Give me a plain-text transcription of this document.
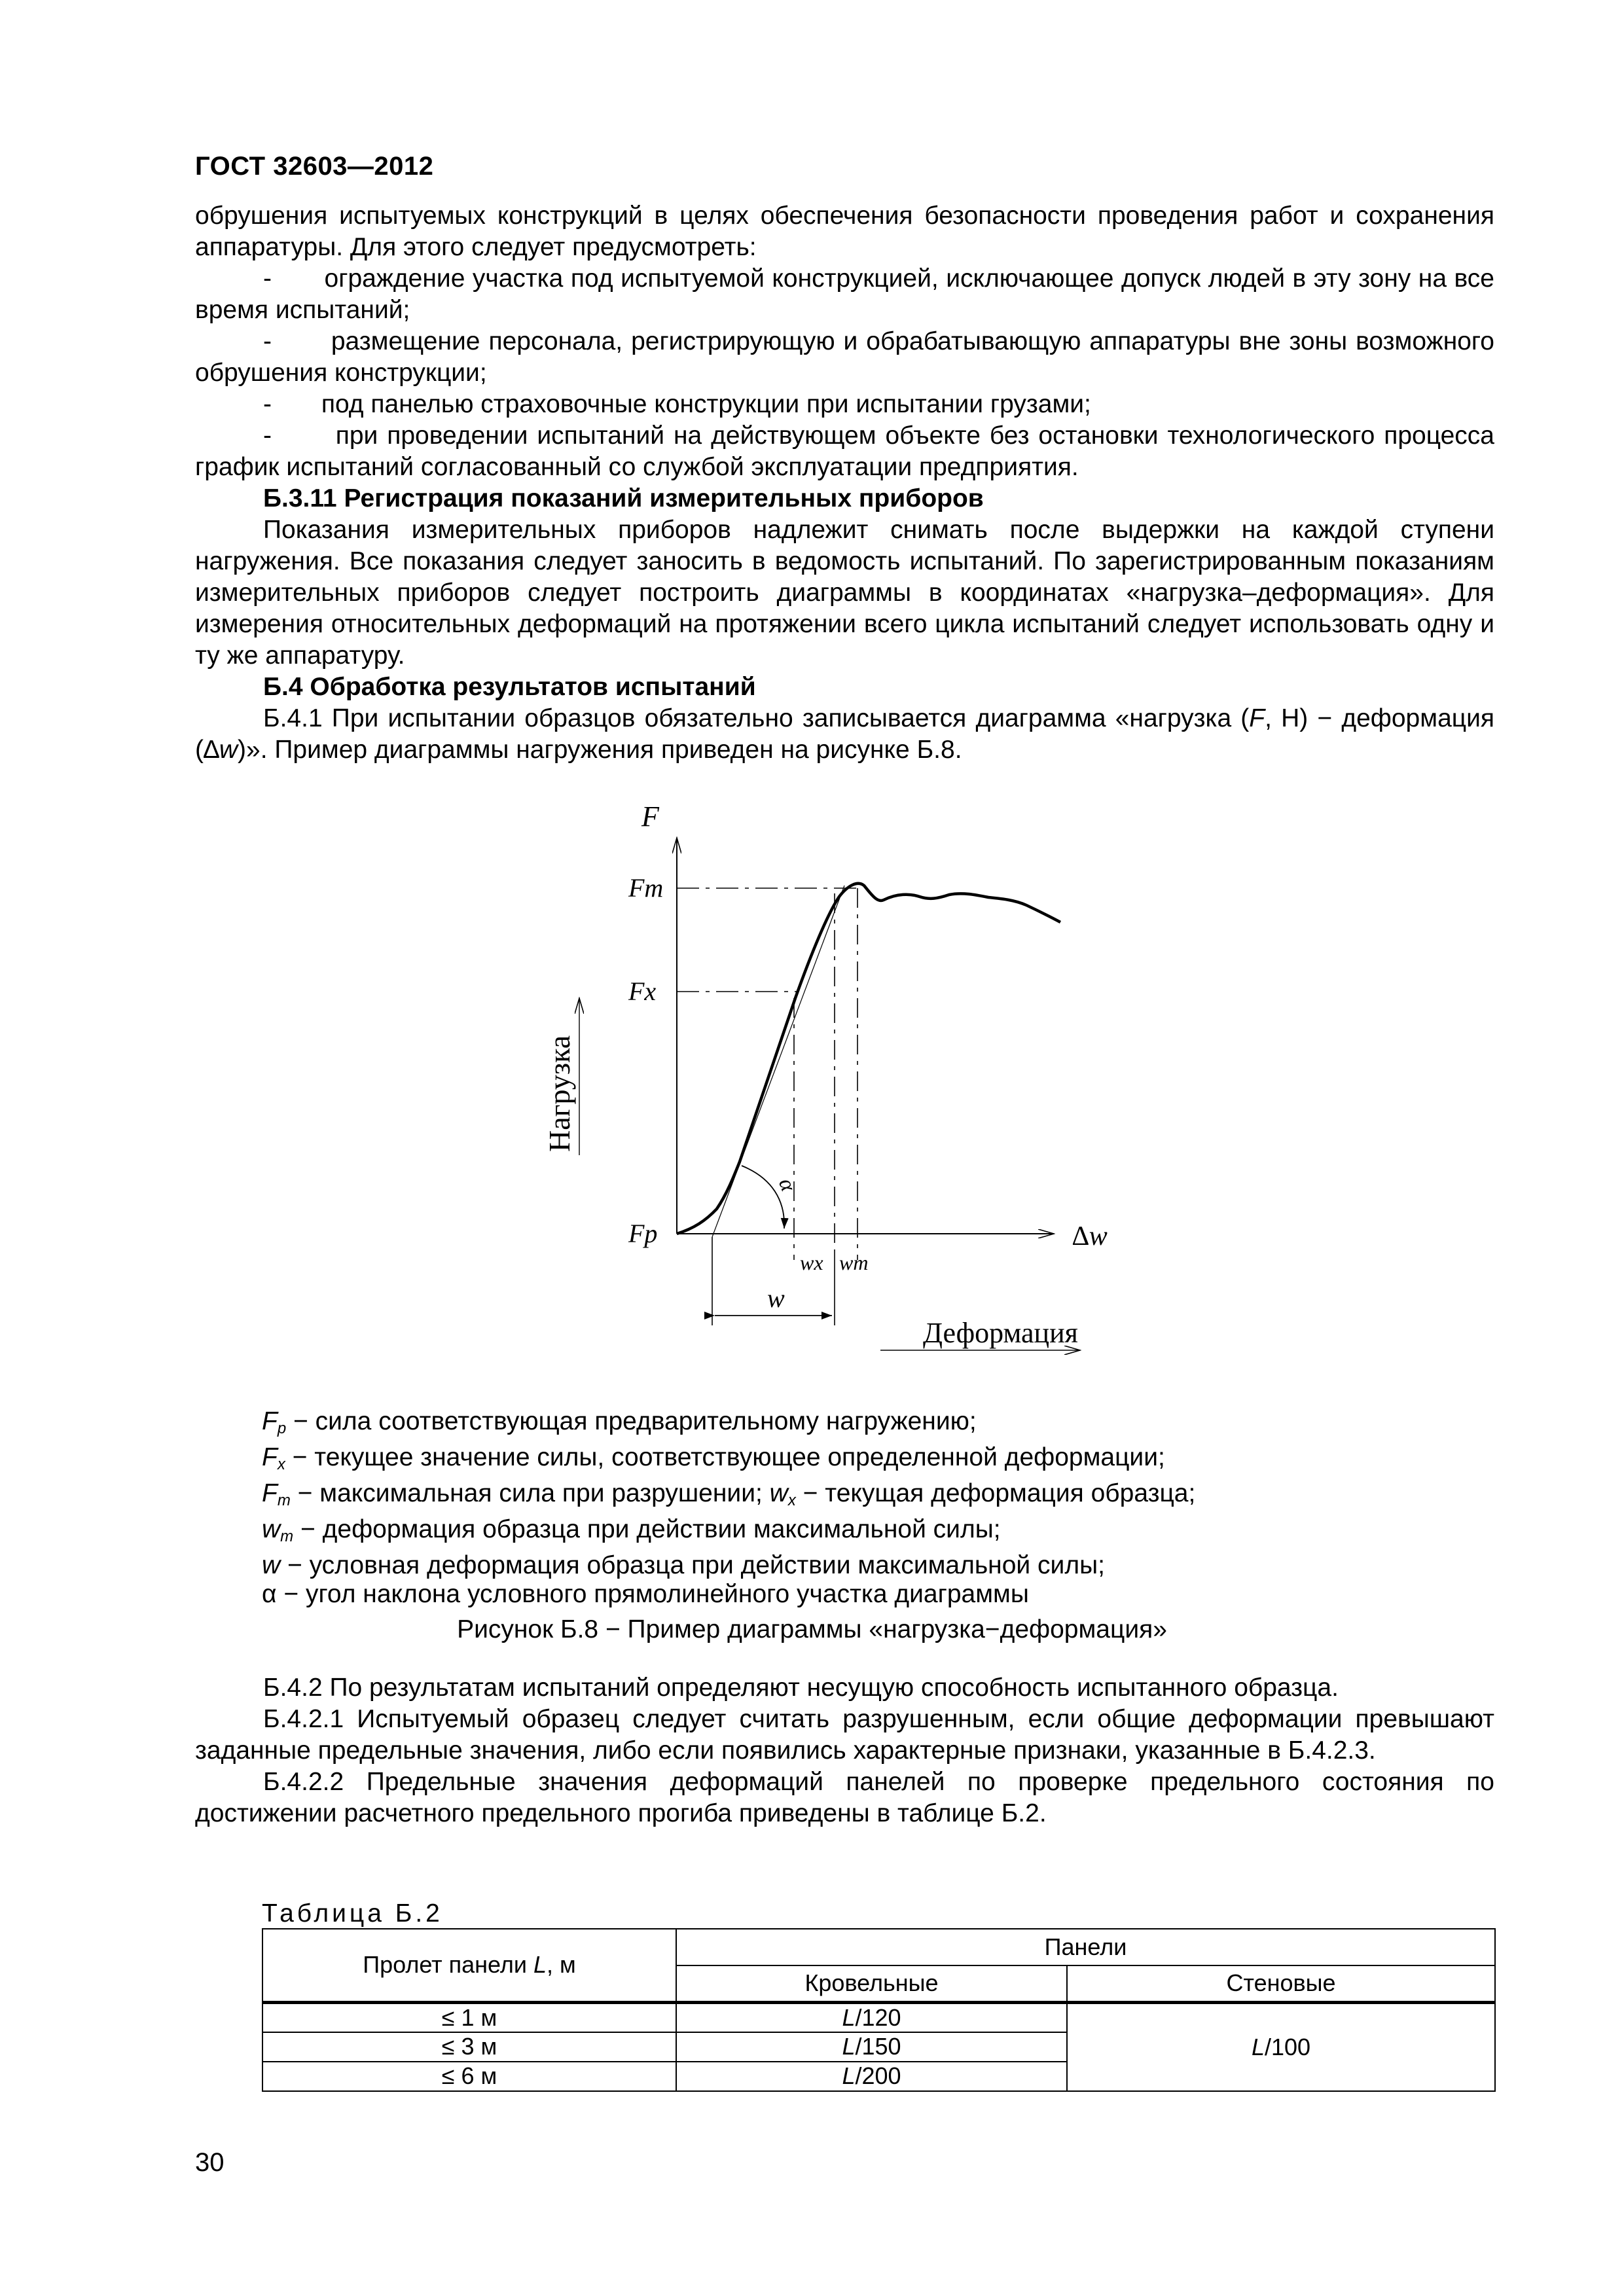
ГОСТ 32603—2012
обрушения испытуемых конструкций в целях обеспечения безопасности проведения работ и сохранения аппаратуры. Для этого следует предусмотреть:
- ограждение участка под испытуемой конструкцией, исключающее допуск людей в эту зону на все время испытаний;
- размещение персонала, регистрирующую и обрабатывающую аппаратуры вне зоны возможного обрушения конструкции;
- под панелью страховочные конструкции при испытании грузами;
-	при проведении испытаний на действующем объекте без остановки технологического процесса график испытаний согласованный со службой эксплуатации предприятия.
Б.3.11 Регистрация показаний измерительных приборов
Показания измерительных приборов надлежит снимать после выдержки на каждой ступени нагружения. Все показания следует заносить в ведомость испытаний. По зарегистрированным показаниям измерительных приборов следует построить диаграммы в координатах «нагрузка–деформация». Для измерения относительных деформаций на протяжении всего цикла испытаний следует использовать одну и ту же аппаратуру.
Б.4 Обработка результатов испытаний
Б.4.1 При испытании образцов обязательно записывается диаграмма «нагрузка (F, Н) − деформация (∆w)». Пример диаграммы нагружения приведен на рисунке Б.8.
F
Fm
Fx
Fp	∆w
wx wm
w
α
Нагрузка
Деформация
$F_p$ − сила соответствующая предварительному нагружению;
$F_x$ − текущее значение силы, соответствующее определенной деформации;
$F_m$ − максимальная сила при разрушении; $w_x$ − текущая деформация образца;
$w_m$ − деформация образца при действии максимальной силы;
w − условная деформация образца при действии максимальной силы;
α − угол наклона условного прямолинейного участка диаграммы
Рисунок Б.8 − Пример диаграммы «нагрузка−деформация»
Б.4.2 По результатам испытаний определяют несущую способность испытанного образца.
Б.4.2.1 Испытуемый образец следует считать разрушенным, если общие деформации превышают заданные предельные значения, либо если появились характерные признаки, указанные в Б.4.2.3.
Б.4.2.2 Предельные значения деформаций панелей по проверке предельного состояния по достижении расчетного предельного прогиба приведены в таблице Б.2.
Таблица Б.2
Пролет панели L, м	Панели	
	Кровельные	Стеновые
≤ 1 м	L/120	L/100
≤ 3 м	L/150	
≤ 6 м	L/200	
30
